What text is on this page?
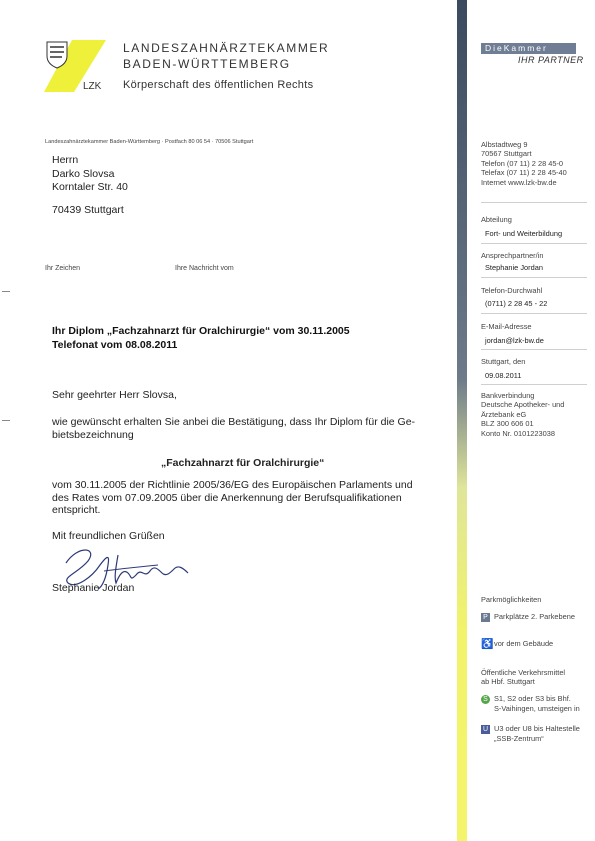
LZK
LANDESZAHNÄRZTEKAMMER
BADEN-WÜRTTEMBERG
Körperschaft des öffentlichen Rechts
DieKammer
IHR PARTNER
Landeszahnärztekammer Baden-Württemberg · Postfach 80 06 54 · 70506 Stuttgart
Herrn
Darko Slovsa
Korntaler Str. 40
70439 Stuttgart
Ihr Zeichen	Ihre Nachricht vom
Ihr Diplom „Fachzahnarzt für Oralchirurgie“ vom 30.11.2005
Telefonat vom 08.08.2011
Sehr geehrter Herr Slovsa,
wie gewünscht erhalten Sie anbei die Bestätigung, dass Ihr Diplom für die Ge-
bietsbezeichnung
„Fachzahnarzt für Oralchirurgie“
vom 30.11.2005 der Richtlinie 2005/36/EG des Europäischen Parlaments und
des Rates vom 07.09.2005 über die Anerkennung der Berufsqualifikationen
entspricht.
Mit freundlichen Grüßen
Stephanie Jordan
Albstadtweg 9
70567 Stuttgart
Telefon (07 11) 2 28 45-0
Telefax (07 11) 2 28 45-40
Internet www.lzk-bw.de
Abteilung
Fort- und Weiterbildung
Ansprechpartner/in
Stephanie Jordan
Telefon-Durchwahl
(0711) 2 28 45 - 22
E-Mail-Adresse
jordan@lzk-bw.de
Stuttgart, den
09.08.2011
Bankverbindung
Deutsche Apotheker- und
Ärztebank eG
BLZ 300 606 01
Konto Nr. 0101223038
Parkmöglichkeiten
P Parkplätze 2. Parkebene
♿vor dem Gebäude
Öffentliche Verkehrsmittel
ab Hbf. Stuttgart
S S1, S2 oder S3 bis Bhf.
S-Vaihingen, umsteigen in
U U3 oder U8 bis Haltestelle
„SSB-Zentrum“
